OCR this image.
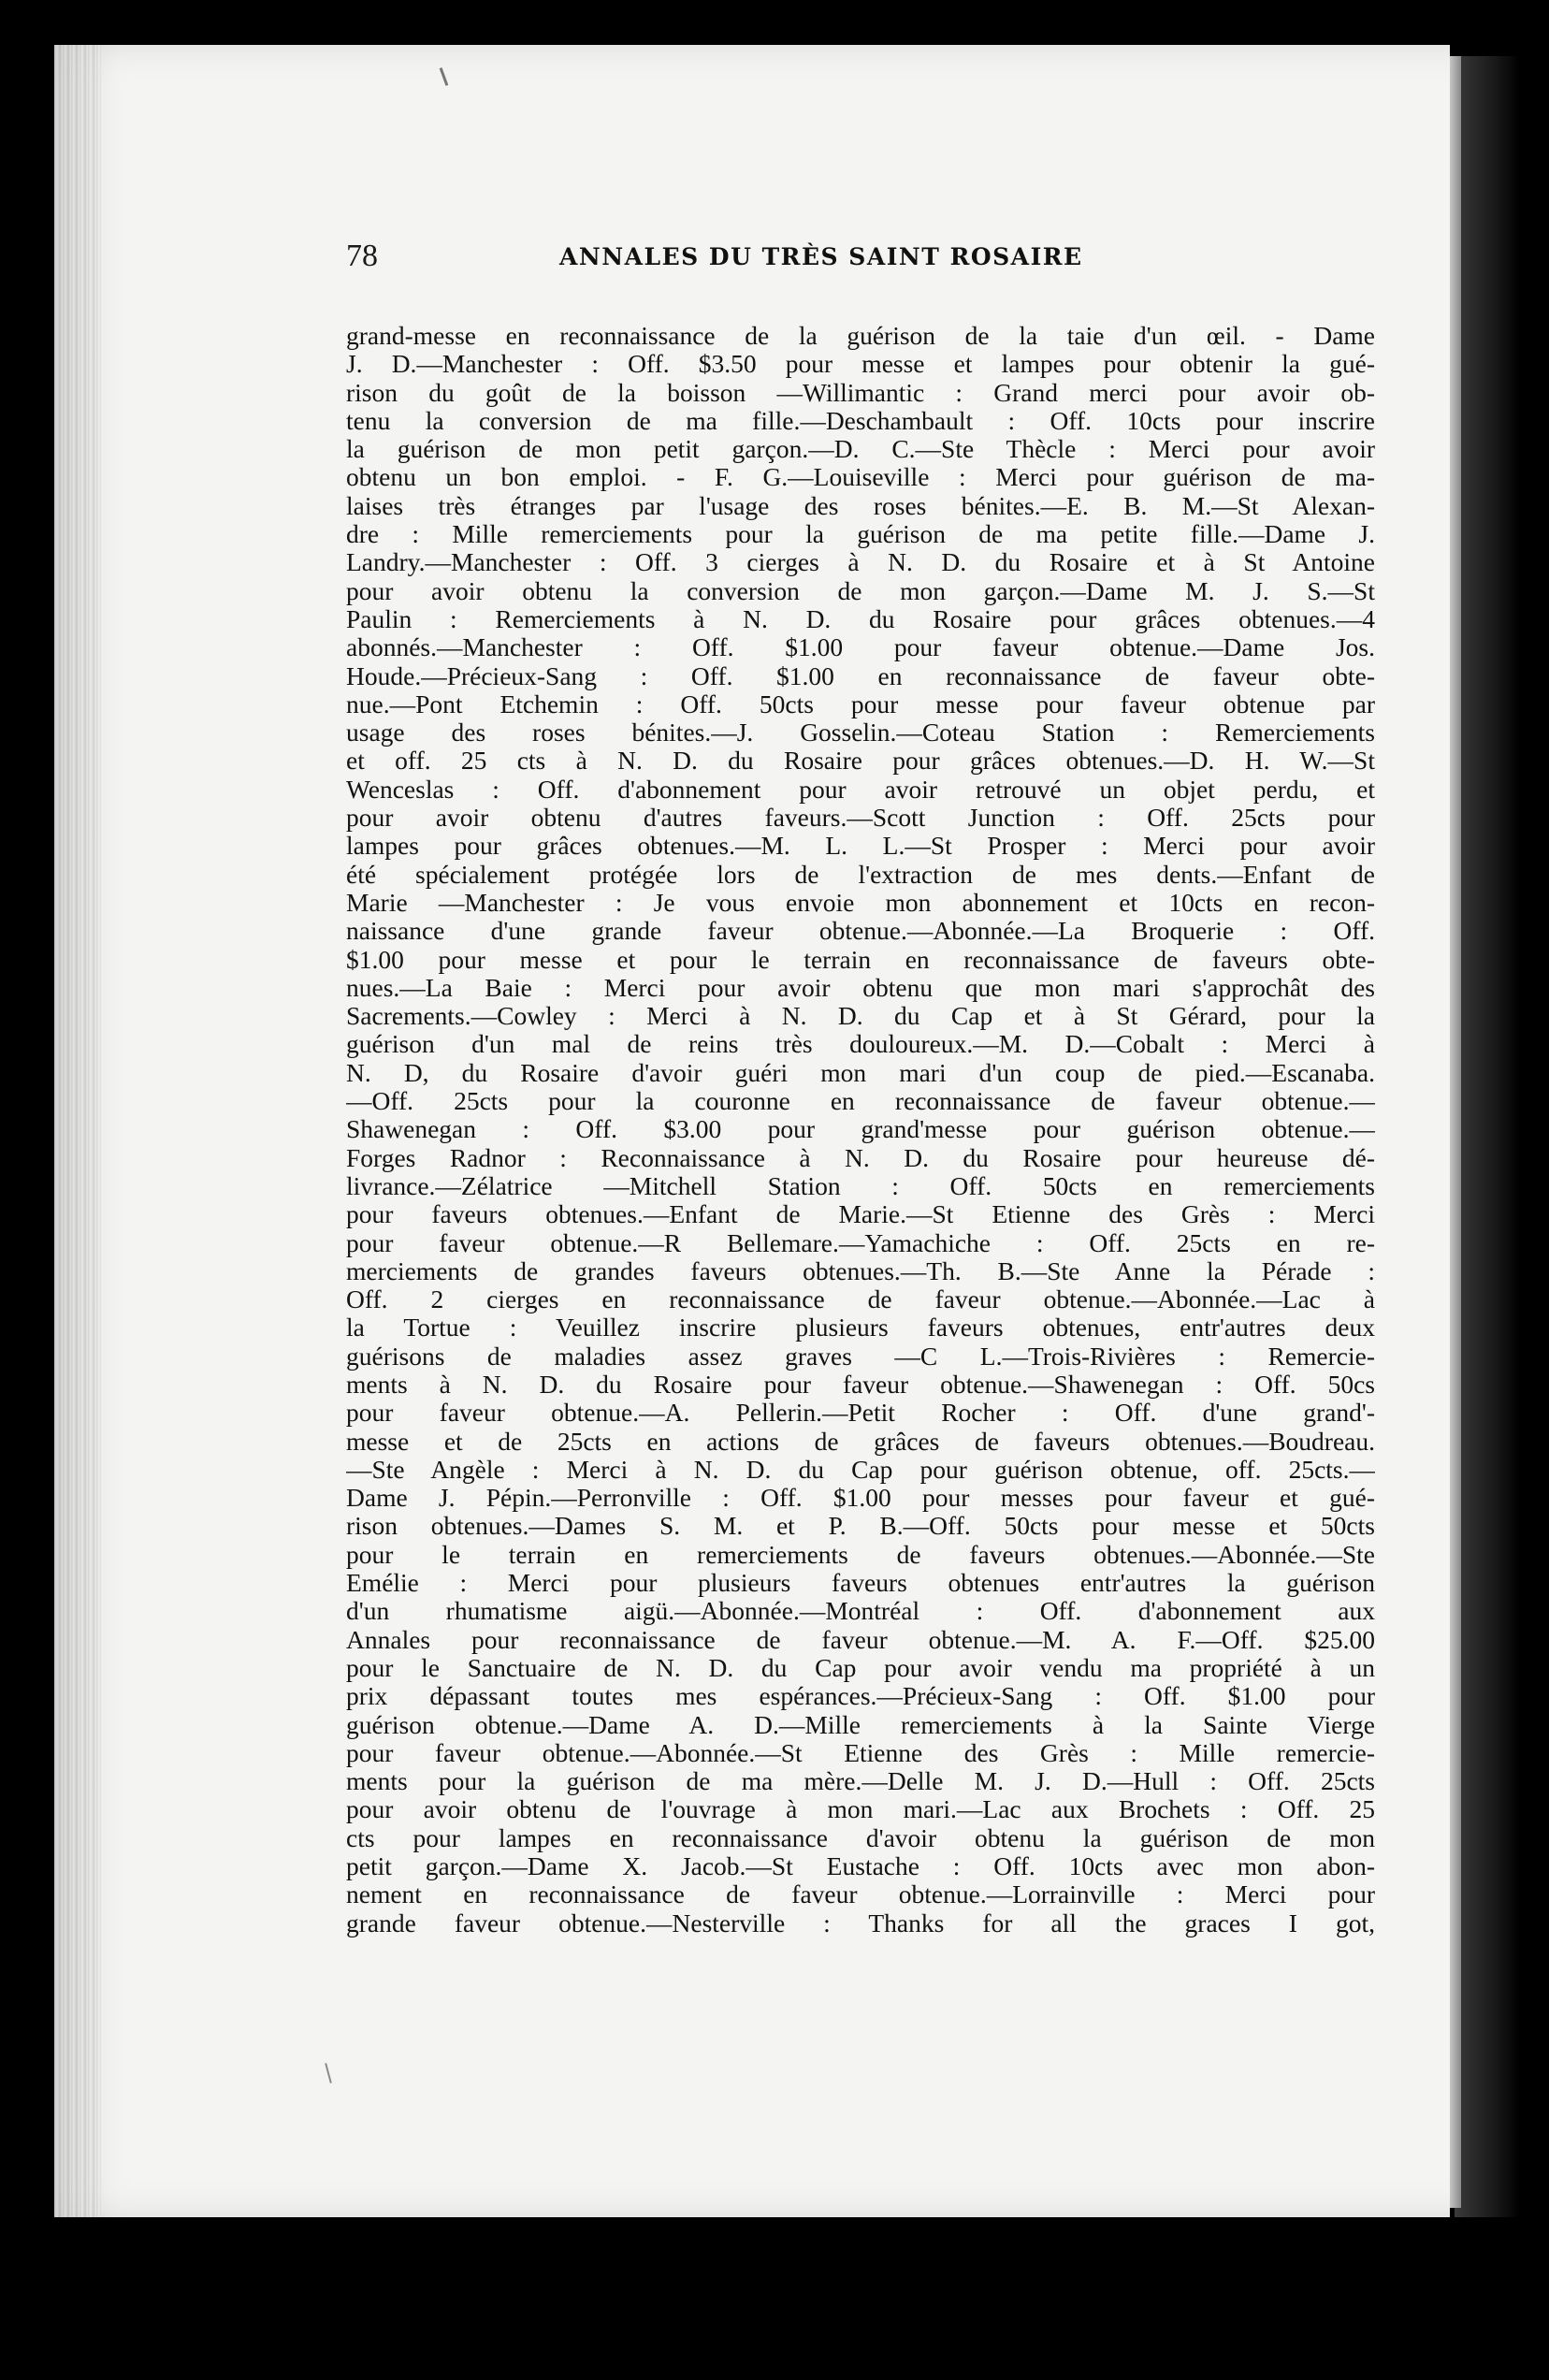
78	ANNALES DU TRÈS SAINT ROSAIRE
grand-messe en reconnaissance de la guérison de la taie d'un œil. - Dame
J. D.—Manchester : Off. $3.50 pour messe et lampes pour obtenir la gué-
rison du goût de la boisson —Willimantic : Grand merci pour avoir ob-
tenu la conversion de ma fille.—Deschambault : Off. 10cts pour inscrire
la guérison de mon petit garçon.—D. C.—Ste Thècle : Merci pour avoir
obtenu un bon emploi. - F. G.—Louiseville : Merci pour guérison de ma-
laises très étranges par l'usage des roses bénites.—E. B. M.—St Alexan-
dre : Mille remerciements pour la guérison de ma petite fille.—Dame J.
Landry.—Manchester : Off. 3 cierges à N. D. du Rosaire et à St Antoine
pour avoir obtenu la conversion de mon garçon.—Dame M. J. S.—St
Paulin : Remerciements à N. D. du Rosaire pour grâces obtenues.—4
abonnés.—Manchester : Off. $1.00 pour faveur obtenue.—Dame Jos.
Houde.—Précieux-Sang : Off. $1.00 en reconnaissance de faveur obte-
nue.—Pont Etchemin : Off. 50cts pour messe pour faveur obtenue par
usage des roses bénites.—J. Gosselin.—Coteau Station : Remerciements
et off. 25 cts à N. D. du Rosaire pour grâces obtenues.—D. H. W.—St
Wenceslas : Off. d'abonnement pour avoir retrouvé un objet perdu, et
pour avoir obtenu d'autres faveurs.—Scott Junction : Off. 25cts pour
lampes pour grâces obtenues.—M. L. L.—St Prosper : Merci pour avoir
été spécialement protégée lors de l'extraction de mes dents.—Enfant de
Marie —Manchester : Je vous envoie mon abonnement et 10cts en recon-
naissance d'une grande faveur obtenue.—Abonnée.—La Broquerie : Off.
$1.00 pour messe et pour le terrain en reconnaissance de faveurs obte-
nues.—La Baie : Merci pour avoir obtenu que mon mari s'approchât des
Sacrements.—Cowley : Merci à N. D. du Cap et à St Gérard, pour la
guérison d'un mal de reins très douloureux.—M. D.—Cobalt : Merci à
N. D, du Rosaire d'avoir guéri mon mari d'un coup de pied.—Escanaba.
—Off. 25cts pour la couronne en reconnaissance de faveur obtenue.—
Shawenegan : Off. $3.00 pour grand'messe pour guérison obtenue.—
Forges Radnor : Reconnaissance à N. D. du Rosaire pour heureuse dé-
livrance.—Zélatrice —Mitchell Station : Off. 50cts en remerciements
pour faveurs obtenues.—Enfant de Marie.—St Etienne des Grès : Merci
pour faveur obtenue.—R Bellemare.—Yamachiche : Off. 25cts en re-
merciements de grandes faveurs obtenues.—Th. B.—Ste Anne la Pérade :
Off. 2 cierges en reconnaissance de faveur obtenue.—Abonnée.—Lac à
la Tortue : Veuillez inscrire plusieurs faveurs obtenues, entr'autres deux
guérisons de maladies assez graves —C L.—Trois-Rivières : Remercie-
ments à N. D. du Rosaire pour faveur obtenue.—Shawenegan : Off. 50cs
pour faveur obtenue.—A. Pellerin.—Petit Rocher : Off. d'une grand'-
messe et de 25cts en actions de grâces de faveurs obtenues.—Boudreau.
—Ste Angèle : Merci à N. D. du Cap pour guérison obtenue, off. 25cts.—
Dame J. Pépin.—Perronville : Off. $1.00 pour messes pour faveur et gué-
rison obtenues.—Dames S. M. et P. B.—Off. 50cts pour messe et 50cts
pour le terrain en remerciements de faveurs obtenues.—Abonnée.—Ste
Emélie : Merci pour plusieurs faveurs obtenues entr'autres la guérison
d'un rhumatisme aigü.—Abonnée.—Montréal : Off. d'abonnement aux
Annales pour reconnaissance de faveur obtenue.—M. A. F.—Off. $25.00
pour le Sanctuaire de N. D. du Cap pour avoir vendu ma propriété à un
prix dépassant toutes mes espérances.—Précieux-Sang : Off. $1.00 pour
guérison obtenue.—Dame A. D.—Mille remerciements à la Sainte Vierge
pour faveur obtenue.—Abonnée.—St Etienne des Grès : Mille remercie-
ments pour la guérison de ma mère.—Delle M. J. D.—Hull : Off. 25cts
pour avoir obtenu de l'ouvrage à mon mari.—Lac aux Brochets : Off. 25
cts pour lampes en reconnaissance d'avoir obtenu la guérison de mon
petit garçon.—Dame X. Jacob.—St Eustache : Off. 10cts avec mon abon-
nement en reconnaissance de faveur obtenue.—Lorrainville : Merci pour
grande faveur obtenue.—Nesterville : Thanks for all the graces I got,
